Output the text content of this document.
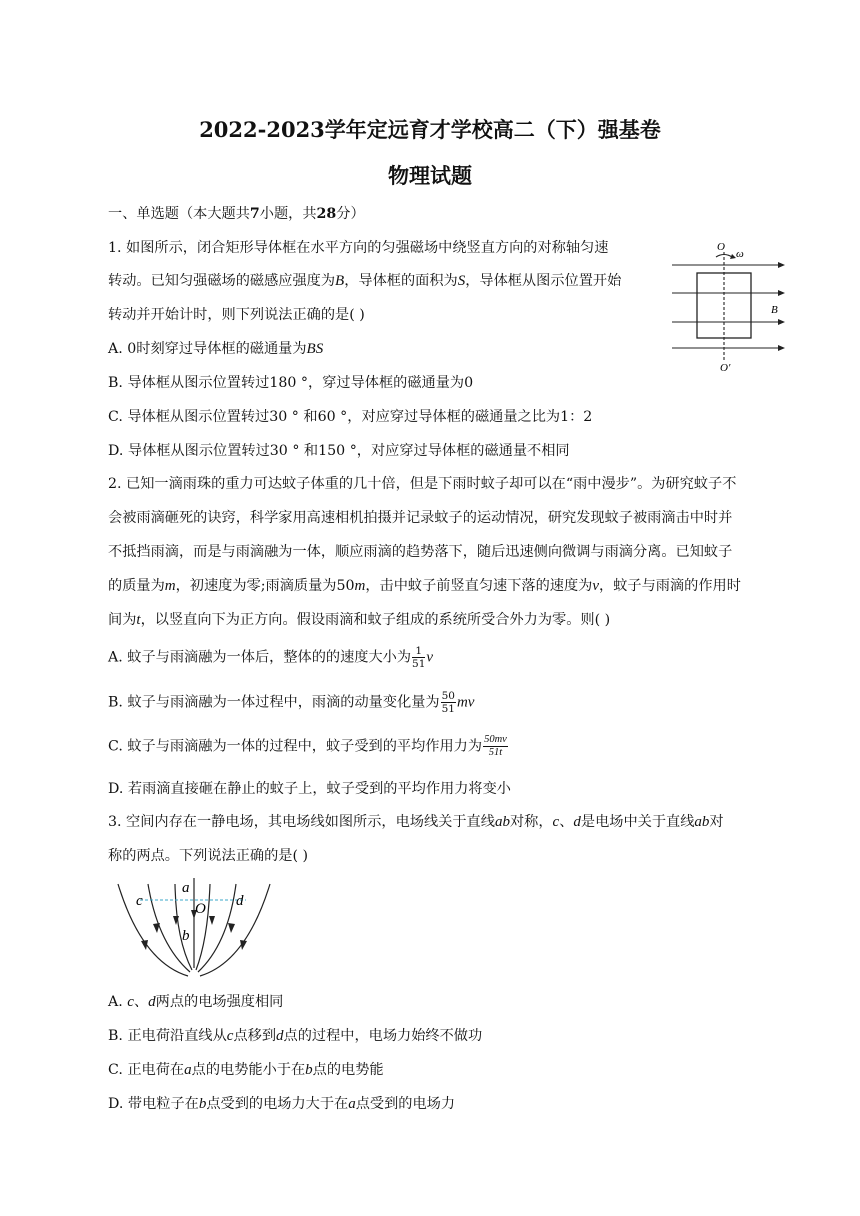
2022-2023学年定远育才学校高二（下）强基卷
物理试题
一、单选题（本大题共7小题，共28分）
1. 如图所示，闭合矩形导体框在水平方向的匀强磁场中绕竖直方向的对称轴匀速
转动。已知匀强磁场的磁感应强度为B，导体框的面积为S，导体框从图示位置开始
转动并开始计时，则下列说法正确的是( )
A. 0时刻穿过导体框的磁通量为BS
B. 导体框从图示位置转过180 °，穿过导体框的磁通量为0
C. 导体框从图示位置转过30 ° 和60 °，对应穿过导体框的磁通量之比为1：2
D. 导体框从图示位置转过30 ° 和150 °，对应穿过导体框的磁通量不相同
O
ω
B
O′
2. 已知一滴雨珠的重力可达蚊子体重的几十倍，但是下雨时蚊子却可以在“雨中漫步”。为研究蚊子不
会被雨滴砸死的诀窍，科学家用高速相机拍摄并记录蚊子的运动情况，研究发现蚊子被雨滴击中时并
不抵挡雨滴，而是与雨滴融为一体，顺应雨滴的趋势落下，随后迅速侧向微调与雨滴分离。已知蚊子
的质量为m，初速度为零;雨滴质量为50m，击中蚊子前竖直匀速下落的速度为v，蚊子与雨滴的作用时
间为t，以竖直向下为正方向。假设雨滴和蚊子组成的系统所受合外力为零。则( )
A. 蚊子与雨滴融为一体后，整体的的速度大小为 $\frac{1}{51}$ v
B. 蚊子与雨滴融为一体过程中，雨滴的动量变化量为 $\frac{50}{51}$ mv
C. 蚊子与雨滴融为一体的过程中，蚊子受到的平均作用力为 $\frac{50mv}{51t}$
D. 若雨滴直接砸在静止的蚊子上，蚊子受到的平均作用力将变小
3. 空间内存在一静电场，其电场线如图所示，电场线关于直线ab对称，c、d是电场中关于直线ab对
称的两点。下列说法正确的是( )
a
c	d
O
b
A. c、d两点的电场强度相同
B. 正电荷沿直线从c点移到d点的过程中，电场力始终不做功
C. 正电荷在a点的电势能小于在b点的电势能
D. 带电粒子在b点受到的电场力大于在a点受到的电场力
